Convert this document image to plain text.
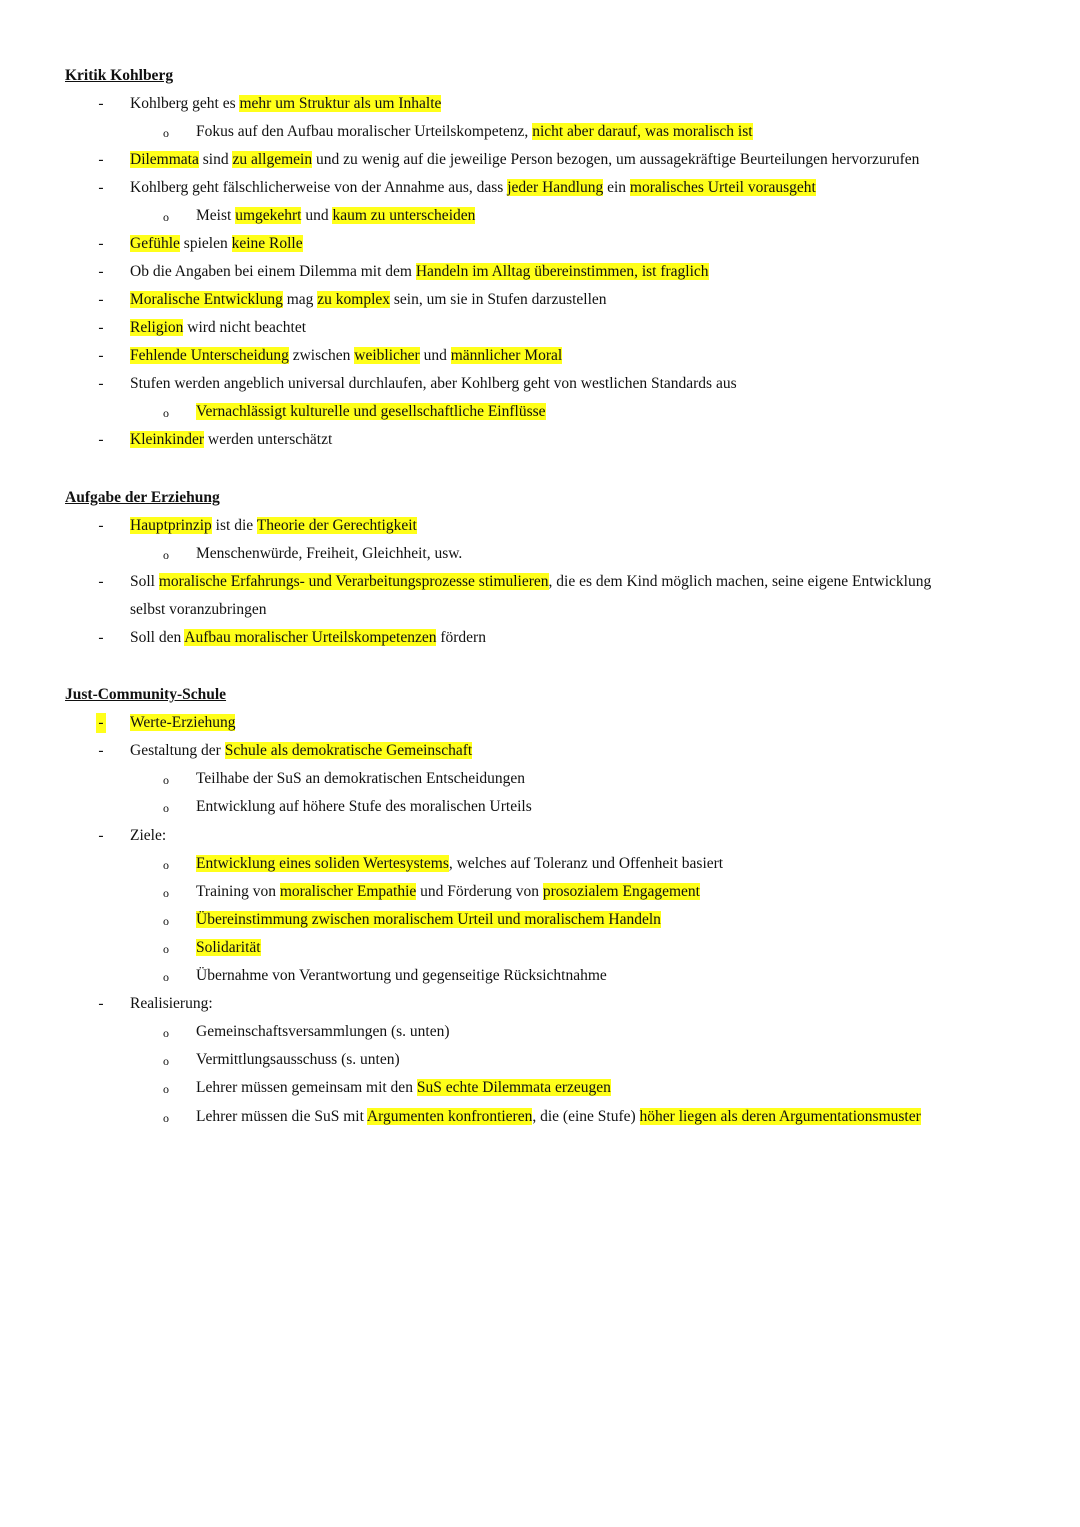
Kritik Kohlberg
- Kohlberg geht es mehr um Struktur als um Inhalte
o Fokus auf den Aufbau moralischer Urteilskompetenz, nicht aber darauf, was moralisch ist
- Dilemmata sind zu allgemein und zu wenig auf die jeweilige Person bezogen, um aussagekräftige Beurteilungen hervorzurufen
- Kohlberg geht fälschlicherweise von der Annahme aus, dass jeder Handlung ein moralisches Urteil vorausgeht
o Meist umgekehrt und kaum zu unterscheiden
- Gefühle spielen keine Rolle
- Ob die Angaben bei einem Dilemma mit dem Handeln im Alltag übereinstimmen, ist fraglich
- Moralische Entwicklung mag zu komplex sein, um sie in Stufen darzustellen
- Religion wird nicht beachtet
- Fehlende Unterscheidung zwischen weiblicher und männlicher Moral
- Stufen werden angeblich universal durchlaufen, aber Kohlberg geht von westlichen Standards aus
o Vernachlässigt kulturelle und gesellschaftliche Einflüsse
- Kleinkinder werden unterschätzt
Aufgabe der Erziehung
- Hauptprinzip ist die Theorie der Gerechtigkeit
o Menschenwürde, Freiheit, Gleichheit, usw.
- Soll moralische Erfahrungs- und Verarbeitungsprozesse stimulieren, die es dem Kind möglich machen, seine eigene Entwicklung
selbst voranzubringen
- Soll den Aufbau moralischer Urteilskompetenzen fördern
Just-Community-Schule
- Werte-Erziehung
- Gestaltung der Schule als demokratische Gemeinschaft
o Teilhabe der SuS an demokratischen Entscheidungen
o Entwicklung auf höhere Stufe des moralischen Urteils
- Ziele:
o Entwicklung eines soliden Wertesystems, welches auf Toleranz und Offenheit basiert
o Training von moralischer Empathie und Förderung von prosozialem Engagement
o Übereinstimmung zwischen moralischem Urteil und moralischem Handeln
o Solidarität
o Übernahme von Verantwortung und gegenseitige Rücksichtnahme
- Realisierung:
o Gemeinschaftsversammlungen (s. unten)
o Vermittlungsausschuss (s. unten)
o Lehrer müssen gemeinsam mit den SuS echte Dilemmata erzeugen
o Lehrer müssen die SuS mit Argumenten konfrontieren, die (eine Stufe) höher liegen als deren Argumentationsmuster
